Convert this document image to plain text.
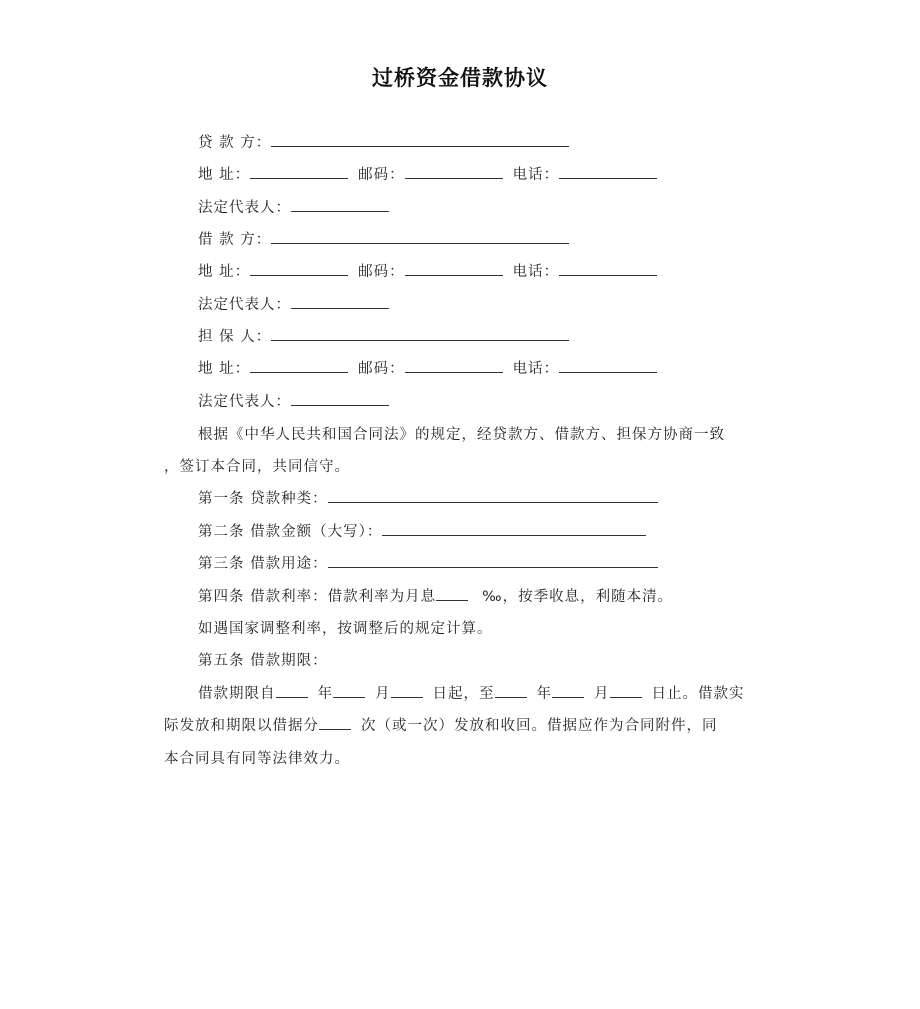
过桥资金借款协议
贷 款 方：
地 址：	邮码：	电话：
法定代表人：
借 款 方：
地 址：	邮码：	电话：
法定代表人：
担 保 人：
地 址：	邮码：	电话：
法定代表人：
根据《中华人民共和国合同法》的规定，经贷款方、借款方、担保方协商一致
，签订本合同，共同信守。
第一条 贷款种类：
第二条 借款金额（大写）：
第三条 借款用途：
第四条 借款利率：借款利率为月息	‰，按季收息，利随本清。
如遇国家调整利率，按调整后的规定计算。
第五条 借款期限：
借款期限自	年	月	日起，至	年	月	日止。借款实
际发放和期限以借据分	次（或一次）发放和收回。借据应作为合同附件，同
本合同具有同等法律效力。
